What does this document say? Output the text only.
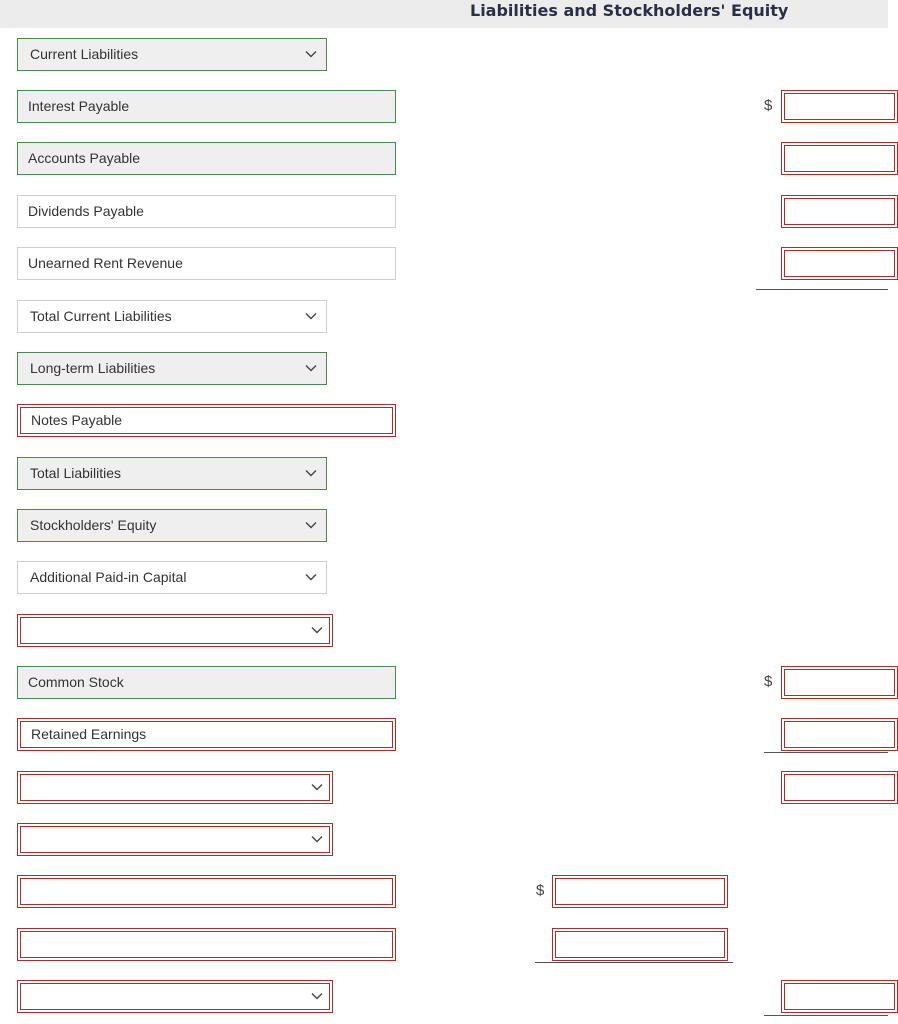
Liabilities and Stockholders' Equity
Current Liabilities
Interest Payable
Accounts Payable
Dividends Payable
Unearned Rent Revenue
Total Current Liabilities
Long-term Liabilities
Notes Payable
Total Liabilities
Stockholders' Equity
Additional Paid-in Capital
Common Stock
Retained Earnings
$
$
$
